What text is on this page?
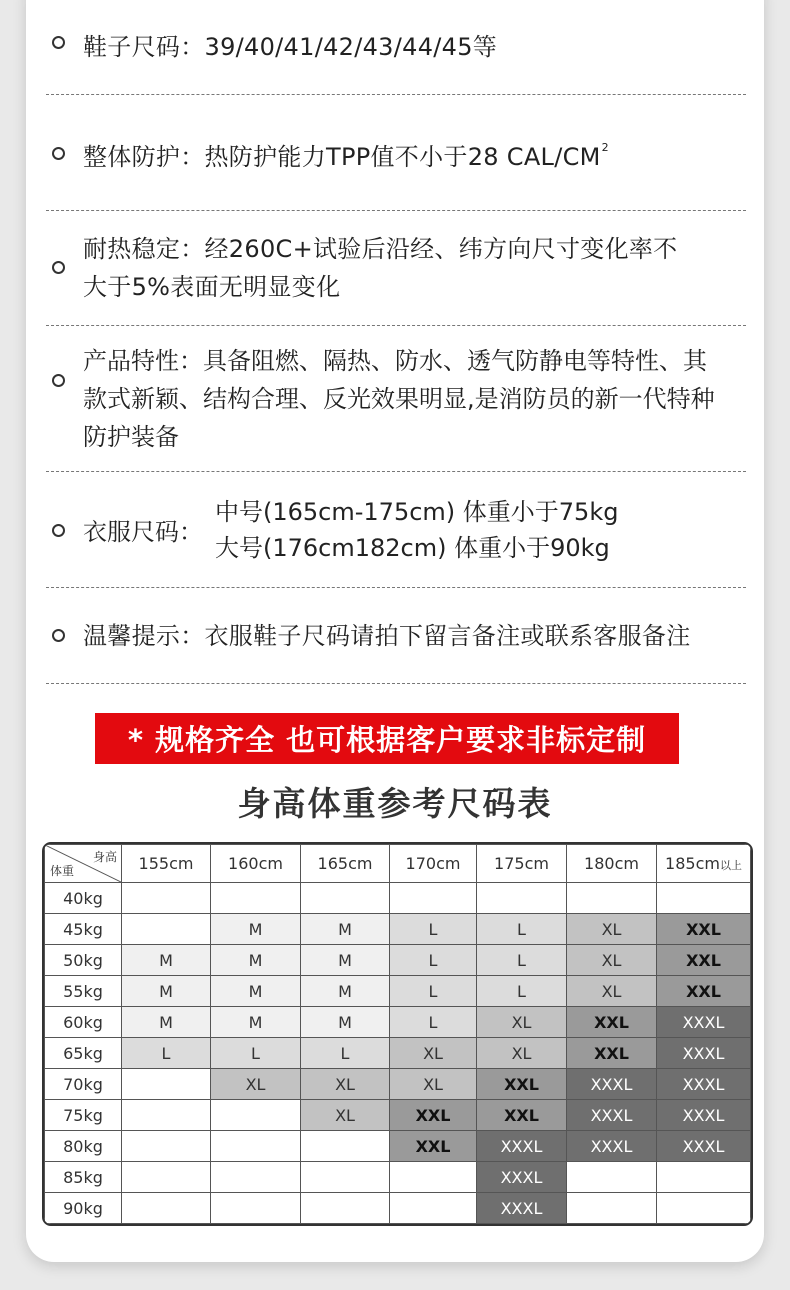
鞋子尺码：39/40/41/42/43/44/45等
整体防护：热防护能力TPP值不小于28 CAL/$CM^2$
耐热稳定：经260C+试验后沿经、纬方向尺寸变化率不
大于5%表面无明显变化
产品特性：具备阻燃、隔热、防水、透气防静电等特性、其
款式新颖、结构合理、反光效果明显,是消防员的新一代特种
防护装备
衣服尺码：
中号(165cm-175cm) 体重小于75kg
大号(176cm182cm) 体重小于90kg
温馨提示：衣服鞋子尺码请拍下留言备注或联系客服备注
* 规格齐全 也可根据客户要求非标定制
身高体重参考尺码表
身高
体重	155cm	160cm	165cm	170cm	175cm	180cm	185cm以上
40kg							
45kg		M	M	L	L	XL	XXL
50kg	M	M	M	L	L	XL	XXL
55kg	M	M	M	L	L	XL	XXL
60kg	M	M	M	L	XL	XXL	XXXL
65kg	L	L	L	XL	XL	XXL	XXXL
70kg		XL	XL	XL	XXL	XXXL	XXXL
75kg			XL	XXL	XXL	XXXL	XXXL
80kg				XXL	XXXL	XXXL	XXXL
85kg					XXXL		
90kg					XXXL		
